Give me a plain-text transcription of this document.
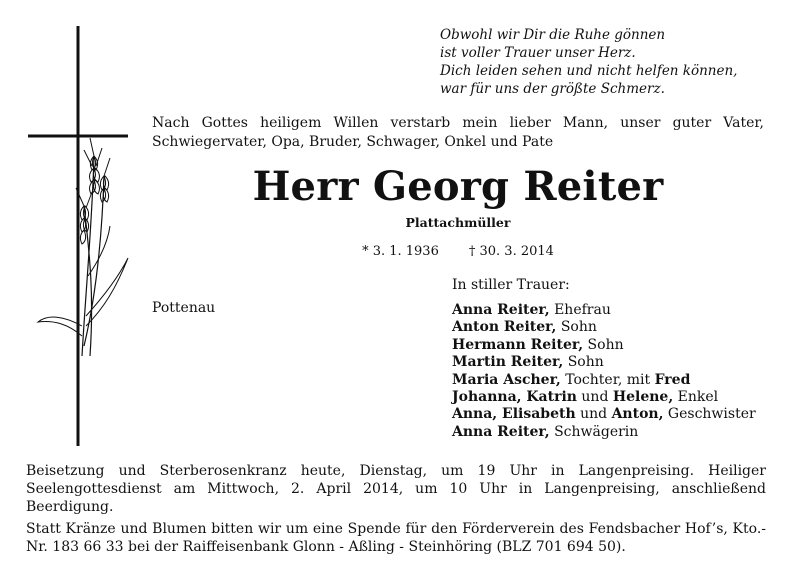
Obwohl wir Dir die Ruhe gönnen
ist voller Trauer unser Herz.
Dich leiden sehen und nicht helfen können,
war für uns der größte Schmerz.
Nach Gottes heiligem Willen verstarb mein lieber Mann, unser guter Vater, Schwiegervater, Opa, Bruder, Schwager, Onkel und Pate
Herr Georg Reiter
Plattachmüller
* 3. 1. 1936 † 30. 3. 2014
In stiller Trauer:
Pottenau	Anna Reiter, Ehefrau
Anton Reiter, Sohn
Hermann Reiter, Sohn
Martin Reiter, Sohn
Maria Ascher, Tochter, mit Fred
Johanna, Katrin und Helene, Enkel
Anna, Elisabeth und Anton, Geschwister
Anna Reiter, Schwägerin

Beisetzung und Sterberosenkranz heute, Dienstag, um 19 Uhr in Langenpreising. Heiliger Seelengottesdienst am Mittwoch, 2. April 2014, um 10 Uhr in Langenpreising, anschließend Beerdigung.

Statt Kränze und Blumen bitten wir um eine Spende für den Förderverein des Fendsbacher Hof’s, Kto.-Nr. 183 66 33 bei der Raiffeisenbank Glonn - Aßling - Steinhöring (BLZ 701 694 50).
